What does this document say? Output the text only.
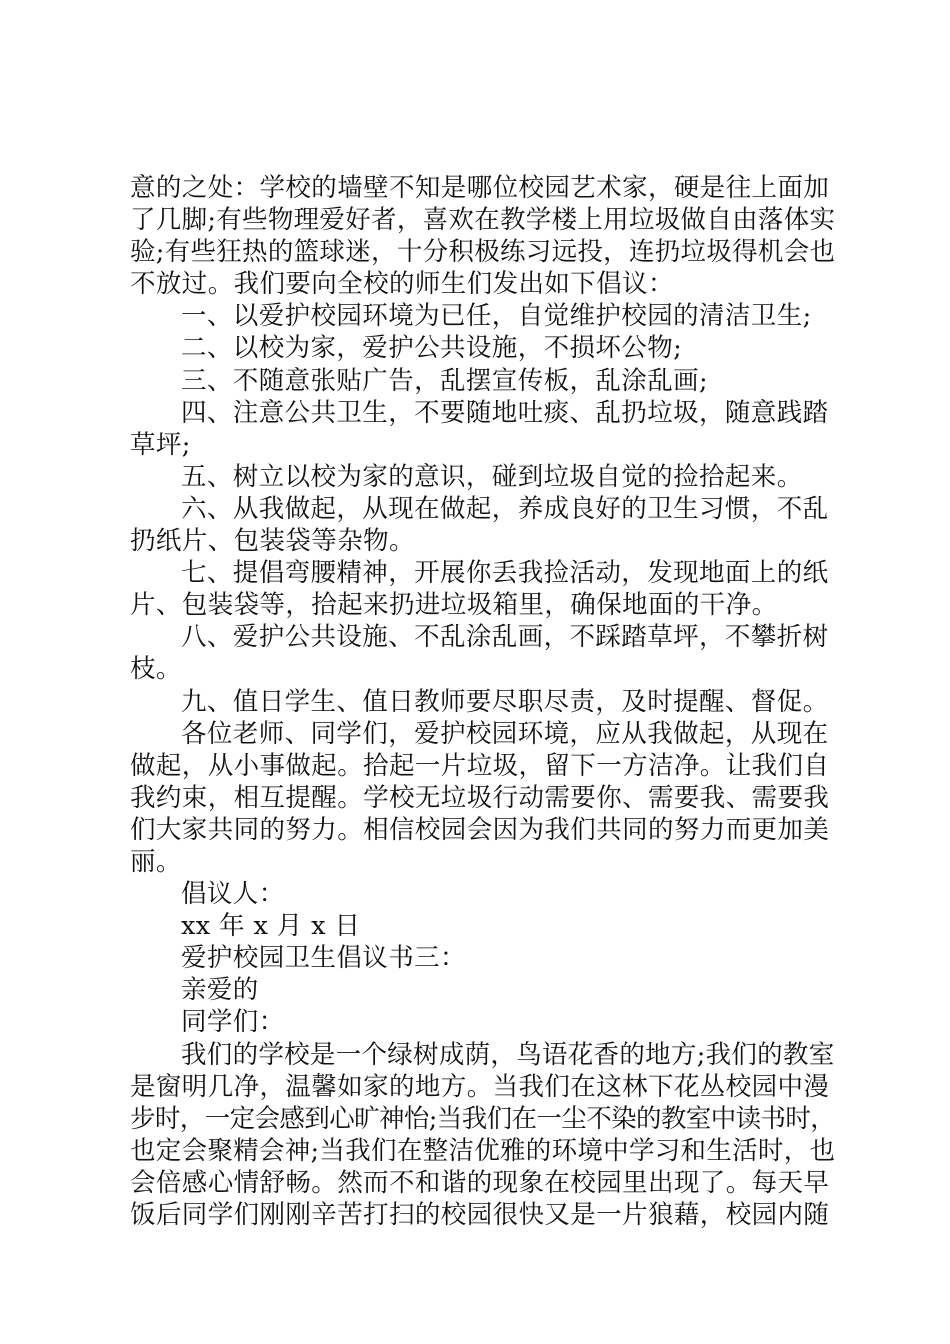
意的之处：学校的墙壁不知是哪位校园艺术家，硬是往上面加
了几脚;有些物理爱好者，喜欢在教学楼上用垃圾做自由落体实
验;有些狂热的篮球迷，十分积极练习远投，连扔垃圾得机会也
不放过。我们要向全校的师生们发出如下倡议：
一、以爱护校园环境为已任，自觉维护校园的清洁卫生;
二、以校为家，爱护公共设施，不损坏公物;
三、不随意张贴广告，乱摆宣传板，乱涂乱画;
四、注意公共卫生，不要随地吐痰、乱扔垃圾，随意践踏
草坪;
五、树立以校为家的意识，碰到垃圾自觉的捡拾起来。
六、从我做起，从现在做起，养成良好的卫生习惯，不乱
扔纸片、包装袋等杂物。
七、提倡弯腰精神，开展你丢我捡活动，发现地面上的纸
片、包装袋等，拾起来扔进垃圾箱里，确保地面的干净。
八、爱护公共设施、不乱涂乱画，不踩踏草坪，不攀折树
枝。
九、值日学生、值日教师要尽职尽责，及时提醒、督促。
各位老师、同学们，爱护校园环境，应从我做起，从现在
做起，从小事做起。拾起一片垃圾，留下一方洁净。让我们自
我约束，相互提醒。学校无垃圾行动需要你、需要我、需要我
们大家共同的努力。相信校园会因为我们共同的努力而更加美
丽。
倡议人：
xx 年 x 月 x 日
爱护校园卫生倡议书三：
亲爱的
同学们：
我们的学校是一个绿树成荫，鸟语花香的地方;我们的教室
是窗明几净，温馨如家的地方。当我们在这林下花丛校园中漫
步时，一定会感到心旷神怡;当我们在一尘不染的教室中读书时，
也定会聚精会神;当我们在整洁优雅的环境中学习和生活时，也
会倍感心情舒畅。然而不和谐的现象在校园里出现了。每天早
饭后同学们刚刚辛苦打扫的校园很快又是一片狼藉，校园内随
